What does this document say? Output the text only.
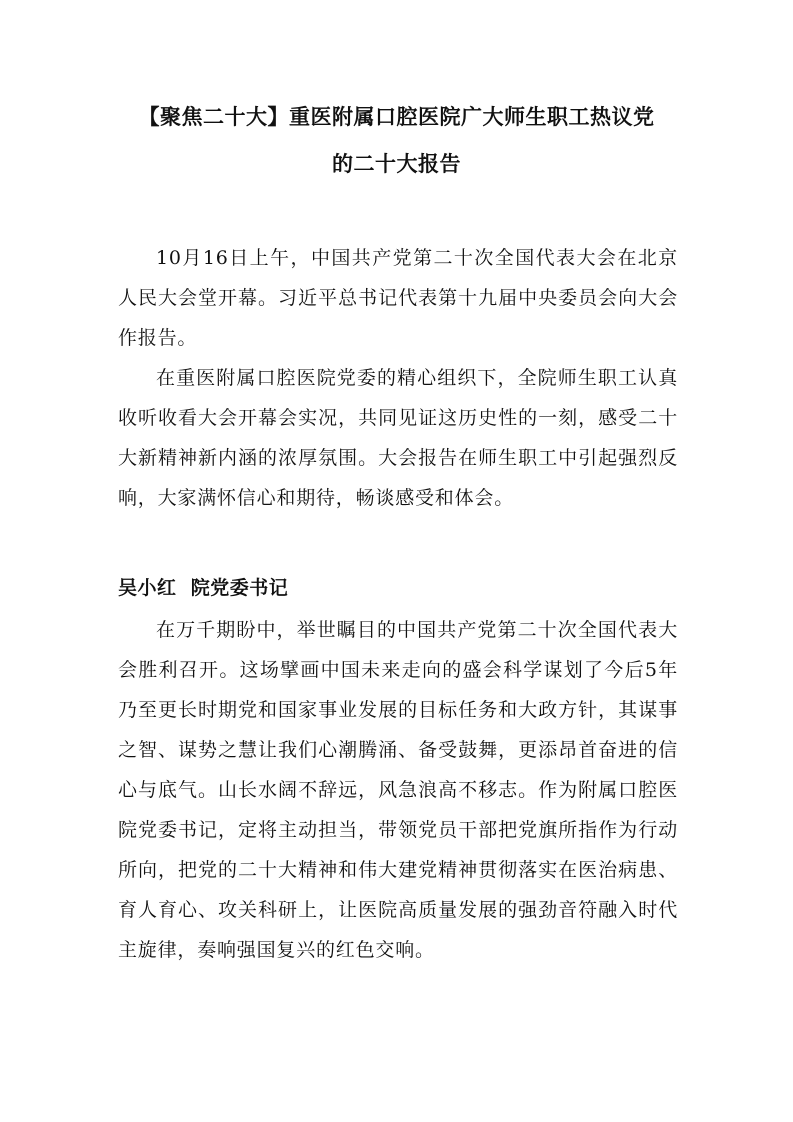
【聚焦二十大】重医附属口腔医院广大师生职工热议党
的二十大报告

10月16日上午，中国共产党第二十次全国代表大会在北京人民大会堂开幕。习近平总书记代表第十九届中央委员会向大会作报告。

在重医附属口腔医院党委的精心组织下，全院师生职工认真收听收看大会开幕会实况，共同见证这历史性的一刻，感受二十大新精神新内涵的浓厚氛围。大会报告在师生职工中引起强烈反响，大家满怀信心和期待，畅谈感受和体会。

吴小红 院党委书记

在万千期盼中，举世瞩目的中国共产党第二十次全国代表大会胜利召开。这场擘画中国未来走向的盛会科学谋划了今后5年乃至更长时期党和国家事业发展的目标任务和大政方针，其谋事之智、谋势之慧让我们心潮腾涌、备受鼓舞，更添昂首奋进的信心与底气。山长水阔不辞远，风急浪高不移志。作为附属口腔医院党委书记，定将主动担当，带领党员干部把党旗所指作为行动所向，把党的二十大精神和伟大建党精神贯彻落实在医治病患、育人育心、攻关科研上，让医院高质量发展的强劲音符融入时代主旋律，奏响强国复兴的红色交响。
